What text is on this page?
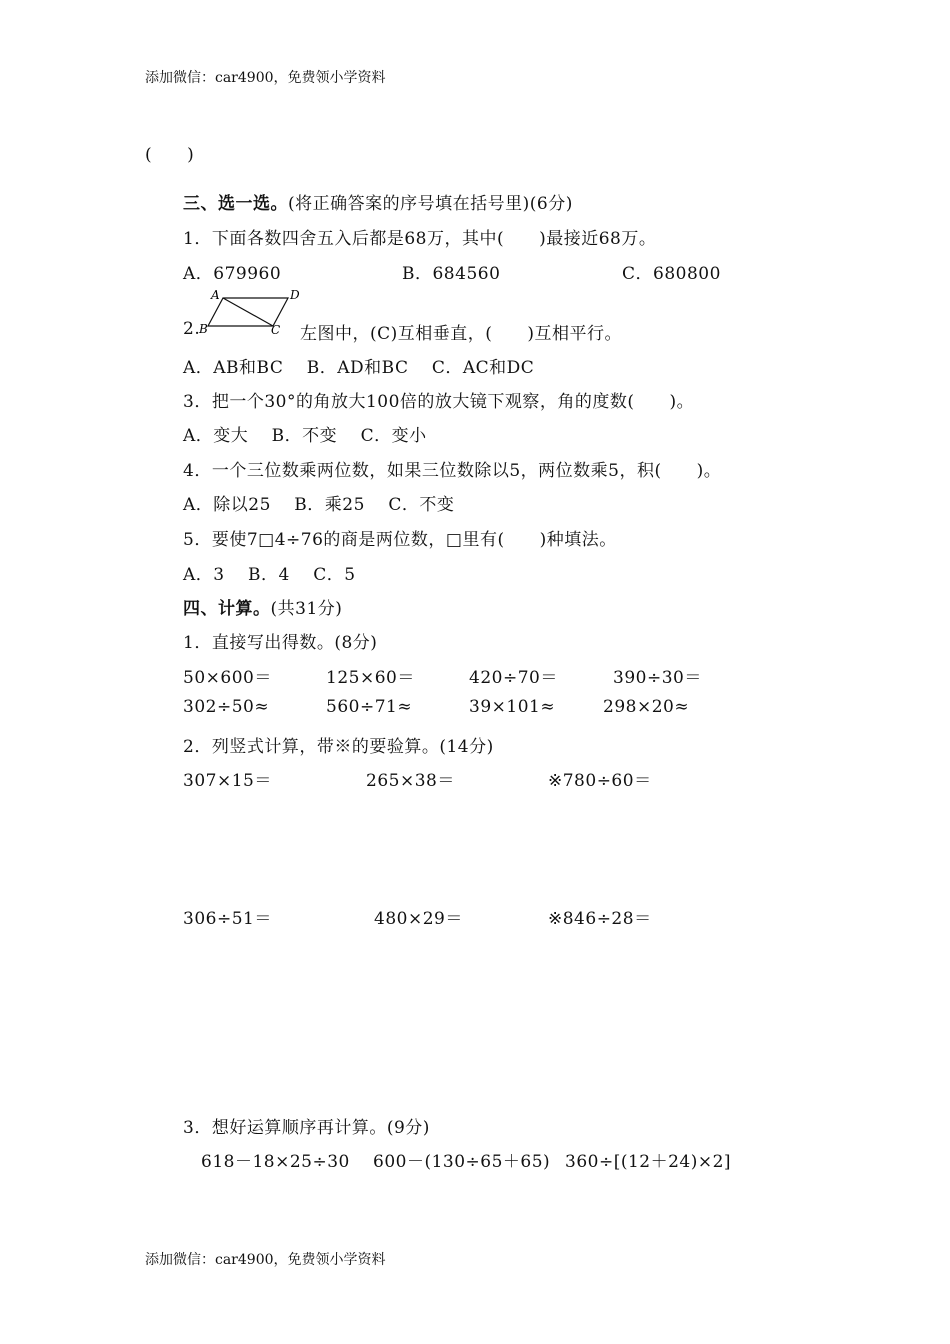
添加微信：car4900，免费领小学资料
(　　)
三、选一选。(将正确答案的序号填在括号里)(6分)
1．下面各数四舍五入后都是68万，其中(　　)最接近68万。
A．679960	B．684560	C．680800
2.
A	D
B	C 左图中，(C)互相垂直，(　　)互相平行。
A．AB和BC　 B．AD和BC　 C．AC和DC
3．把一个30°的角放大100倍的放大镜下观察，角的度数(　　)。
A．变大　 B．不变　 C．变小
4．一个三位数乘两位数，如果三位数除以5，两位数乘5，积(　　)。
A．除以25　 B．乘25　 C．不变
5．要使7□4÷76的商是两位数，□里有(　　)种填法。
A．3　 B．4　 C．5
四、计算。(共31分)
1．直接写出得数。(8分)
50×600＝	125×60＝	420÷70＝	390÷30＝
302÷50≈	560÷71≈	39×101≈	298×20≈
2．列竖式计算，带※的要验算。(14分)
307×15＝	265×38＝	※780÷60＝
306÷51＝	480×29＝	※846÷28＝
3．想好运算顺序再计算。(9分)
618－18×25÷30 600－(130÷65＋65) 360÷[(12＋24)×2]
添加微信：car4900，免费领小学资料
